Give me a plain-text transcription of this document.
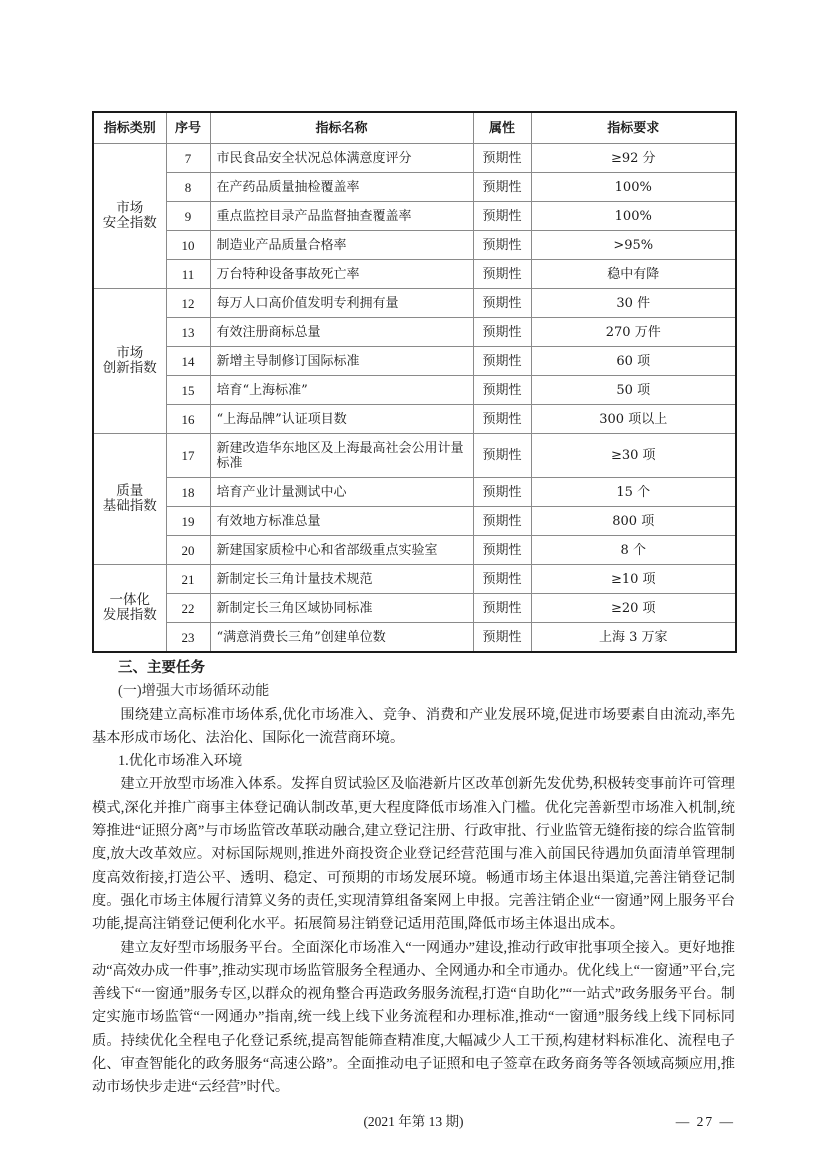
指标类别	序号	指标名称	属性	指标要求
市场
安全指数	7	市民食品安全状况总体满意度评分	预期性	≥92 分
	8	在产药品质量抽检覆盖率	预期性	100%
	9	重点监控目录产品监督抽查覆盖率	预期性	100%
	10	制造业产品质量合格率	预期性	>95%
	11	万台特种设备事故死亡率	预期性	稳中有降
市场
创新指数	12	每万人口高价值发明专利拥有量	预期性	30 件
	13	有效注册商标总量	预期性	270 万件
	14	新增主导制修订国际标准	预期性	60 项
	15	培育“上海标准”	预期性	50 项
	16	“上海品牌”认证项目数	预期性	300 项以上
质量
基础指数	17	新建改造华东地区及上海最高社会公用计量标准	预期性	≥30 项
	18	培育产业计量测试中心	预期性	15 个
	19	有效地方标准总量	预期性	800 项
	20	新建国家质检中心和省部级重点实验室	预期性	8 个
一体化
发展指数	21	新制定长三角计量技术规范	预期性	≥10 项
	22	新制定长三角区域协同标准	预期性	≥20 项
	23	“满意消费长三角”创建单位数	预期性	上海 3 万家
三、主要任务
(一)增强大市场循环动能

围绕建立高标准市场体系,优化市场准入、竞争、消费和产业发展环境,促进市场要素自由流动,率先基本形成市场化、法治化、国际化一流营商环境。

1.优化市场准入环境

建立开放型市场准入体系。发挥自贸试验区及临港新片区改革创新先发优势,积极转变事前许可管理模式,深化并推广商事主体登记确认制改革,更大程度降低市场准入门槛。优化完善新型市场准入机制,统筹推进“证照分离”与市场监管改革联动融合,建立登记注册、行政审批、行业监管无缝衔接的综合监管制度,放大改革效应。对标国际规则,推进外商投资企业登记经营范围与准入前国民待遇加负面清单管理制度高效衔接,打造公平、透明、稳定、可预期的市场发展环境。畅通市场主体退出渠道,完善注销登记制度。强化市场主体履行清算义务的责任,实现清算组备案网上申报。完善注销企业“一窗通”网上服务平台功能,提高注销登记便利化水平。拓展简易注销登记适用范围,降低市场主体退出成本。

建立友好型市场服务平台。全面深化市场准入“一网通办”建设,推动行政审批事项全接入。更好地推动“高效办成一件事”,推动实现市场监管服务全程通办、全网通办和全市通办。优化线上“一窗通”平台,完善线下“一窗通”服务专区,以群众的视角整合再造政务服务流程,打造“自助化”“一站式”政务服务平台。制定实施市场监管“一网通办”指南,统一线上线下业务流程和办理标准,推动“一窗通”服务线上线下同标同质。持续优化全程电子化登记系统,提高智能筛查精准度,大幅减少人工干预,构建材料标准化、流程电子化、审查智能化的政务服务“高速公路”。全面推动电子证照和电子签章在政务商务等各领域高频应用,推动市场快步走进“云经营”时代。

(2021 年第 13 期)	— 27 —
